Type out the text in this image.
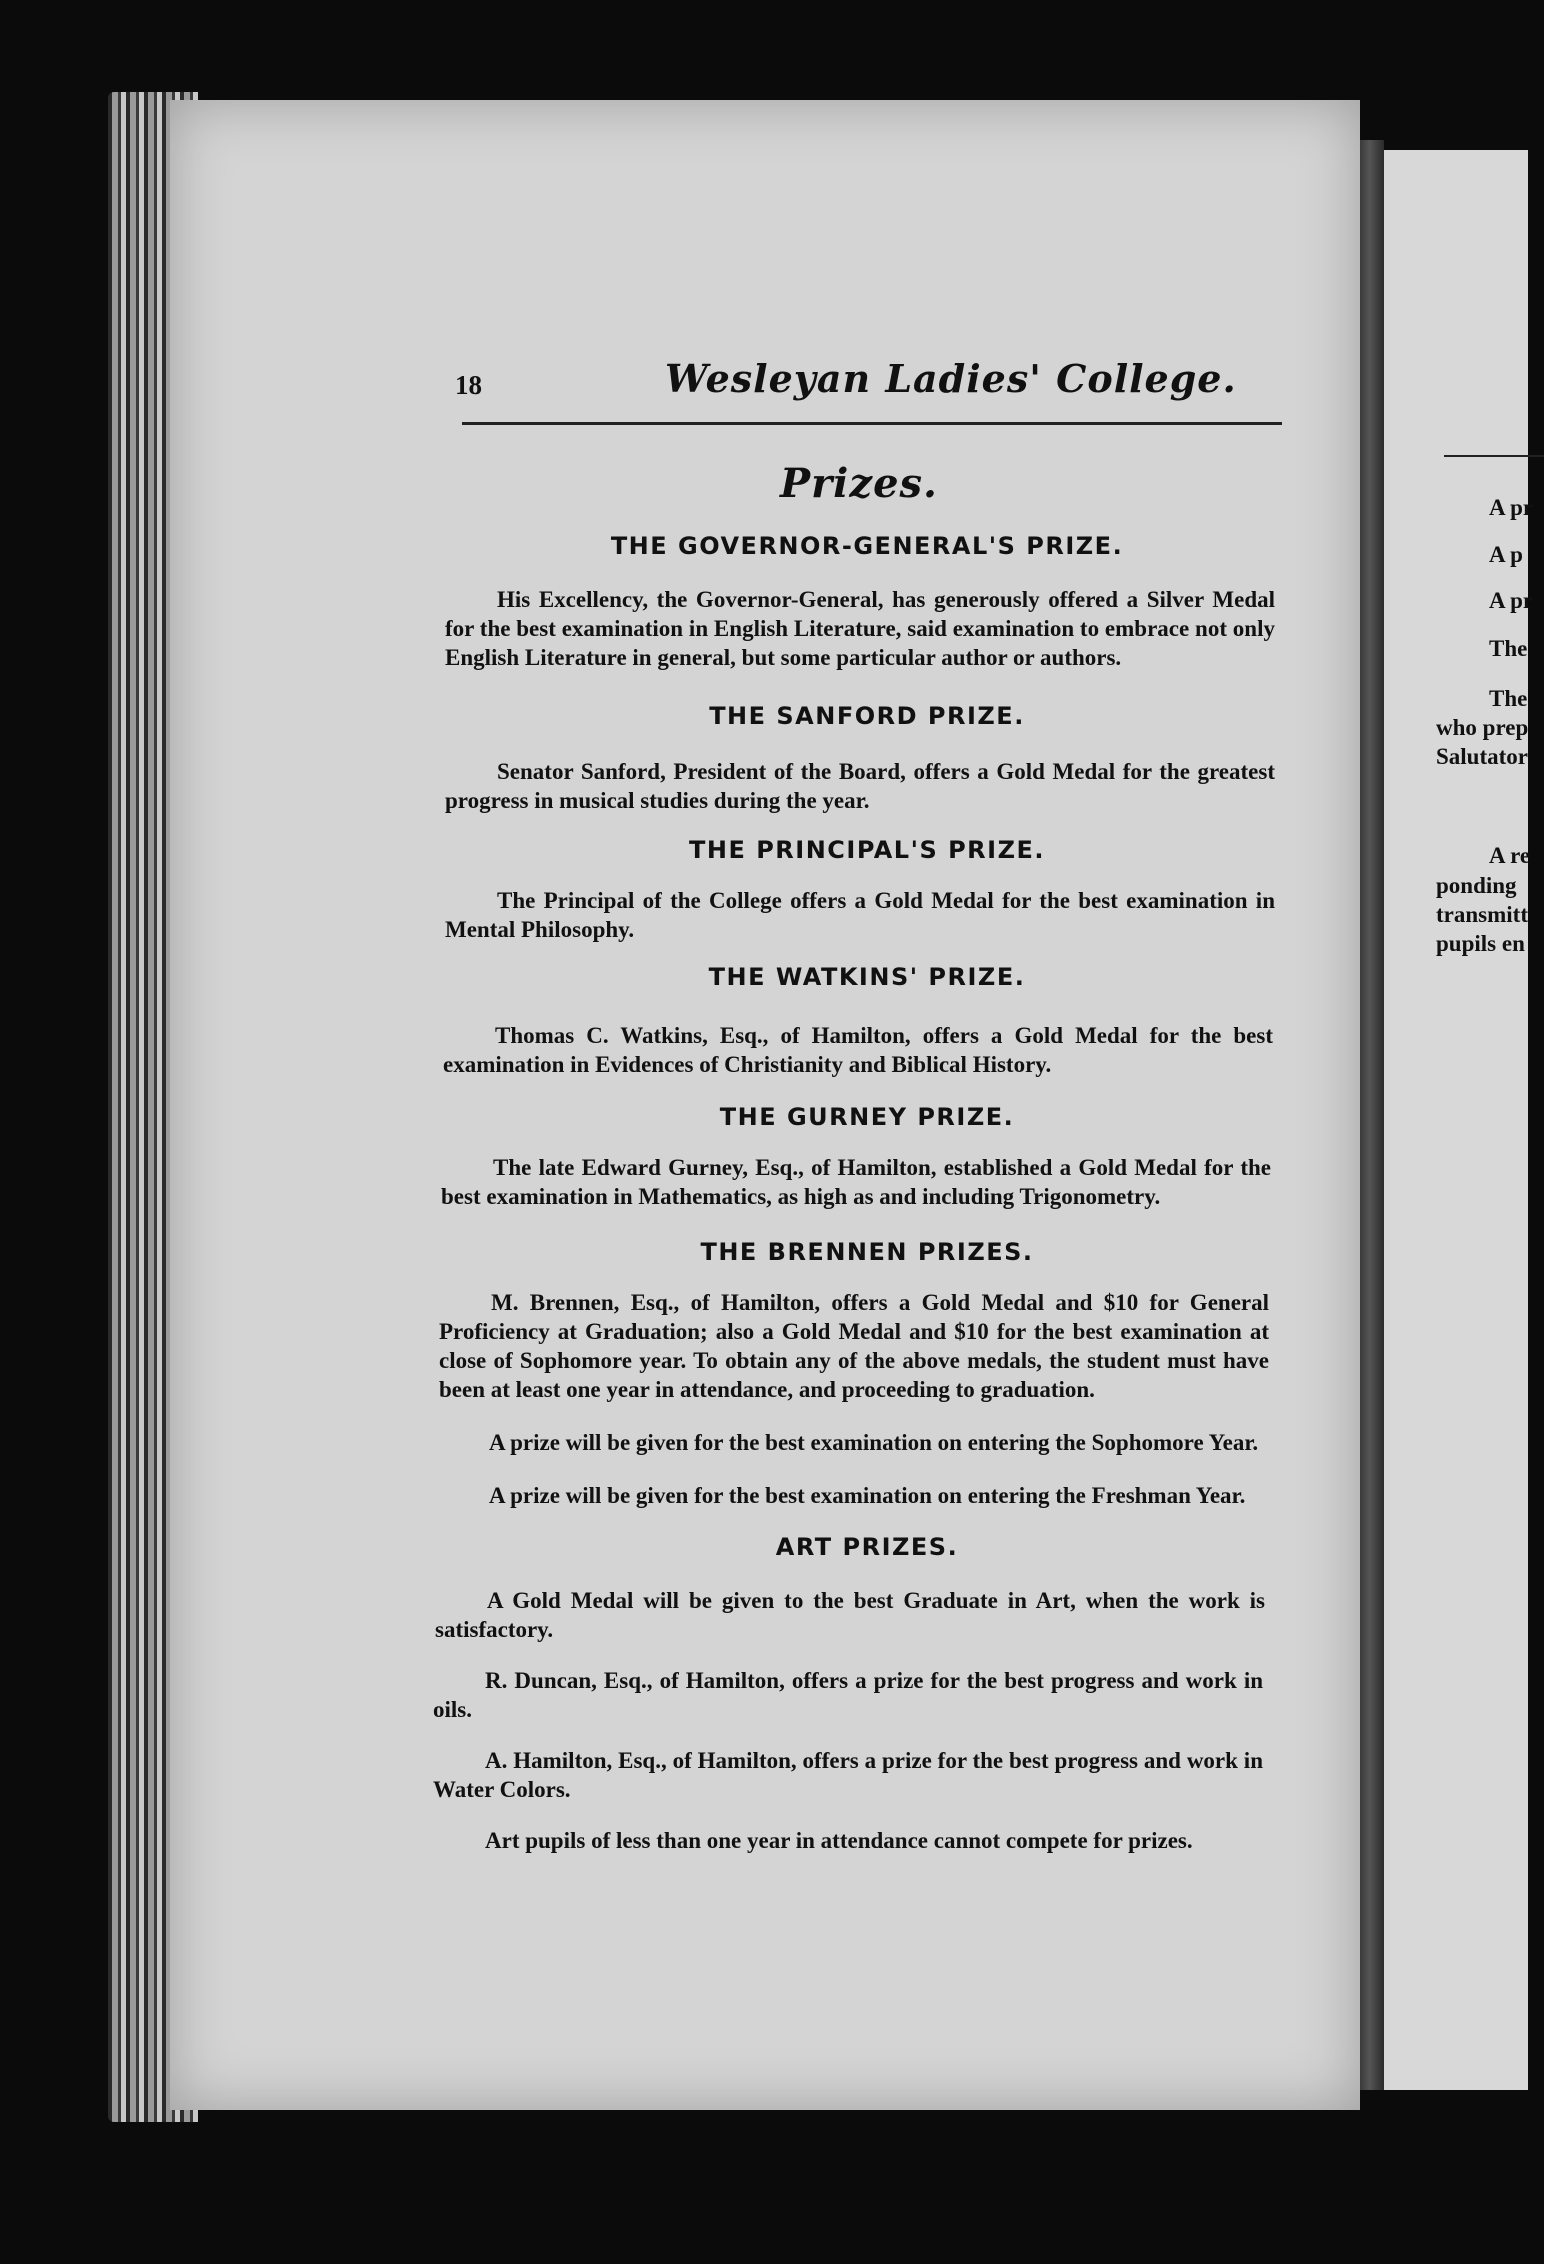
A pr
A p
A pr
The
The
who prep
Salutator
A re
ponding
transmitt
pupils en
18	Wesleyan Ladies' College.
Prizes.
THE GOVERNOR-GENERAL'S PRIZE.
His Excellency, the Governor-General, has generously offered a Silver Medal for the best examination in English Literature, said examination to embrace not only English Literature in general, but some particular author or authors.
THE SANFORD PRIZE.
Senator Sanford, President of the Board, offers a Gold Medal for the greatest progress in musical studies during the year.
THE PRINCIPAL'S PRIZE.
The Principal of the College offers a Gold Medal for the best examination in Mental Philosophy.
THE WATKINS' PRIZE.
Thomas C. Watkins, Esq., of Hamilton, offers a Gold Medal for the best examination in Evidences of Christianity and Biblical History.
THE GURNEY PRIZE.
The late Edward Gurney, Esq., of Hamilton, established a Gold Medal for the best examination in Mathematics, as high as and including Trigonometry.
THE BRENNEN PRIZES.
M. Brennen, Esq., of Hamilton, offers a Gold Medal and $10 for General Proficiency at Graduation; also a Gold Medal and $10 for the best examination at close of Sophomore year. To obtain any of the above medals, the student must have been at least one year in attendance, and proceeding to graduation.
A prize will be given for the best examination on entering the Sophomore Year.
A prize will be given for the best examination on entering the Freshman Year.
ART PRIZES.
A Gold Medal will be given to the best Graduate in Art, when the work is satisfactory.
R. Duncan, Esq., of Hamilton, offers a prize for the best progress and work in oils.
A. Hamilton, Esq., of Hamilton, offers a prize for the best progress and work in Water Colors.
Art pupils of less than one year in attendance cannot compete for prizes.
